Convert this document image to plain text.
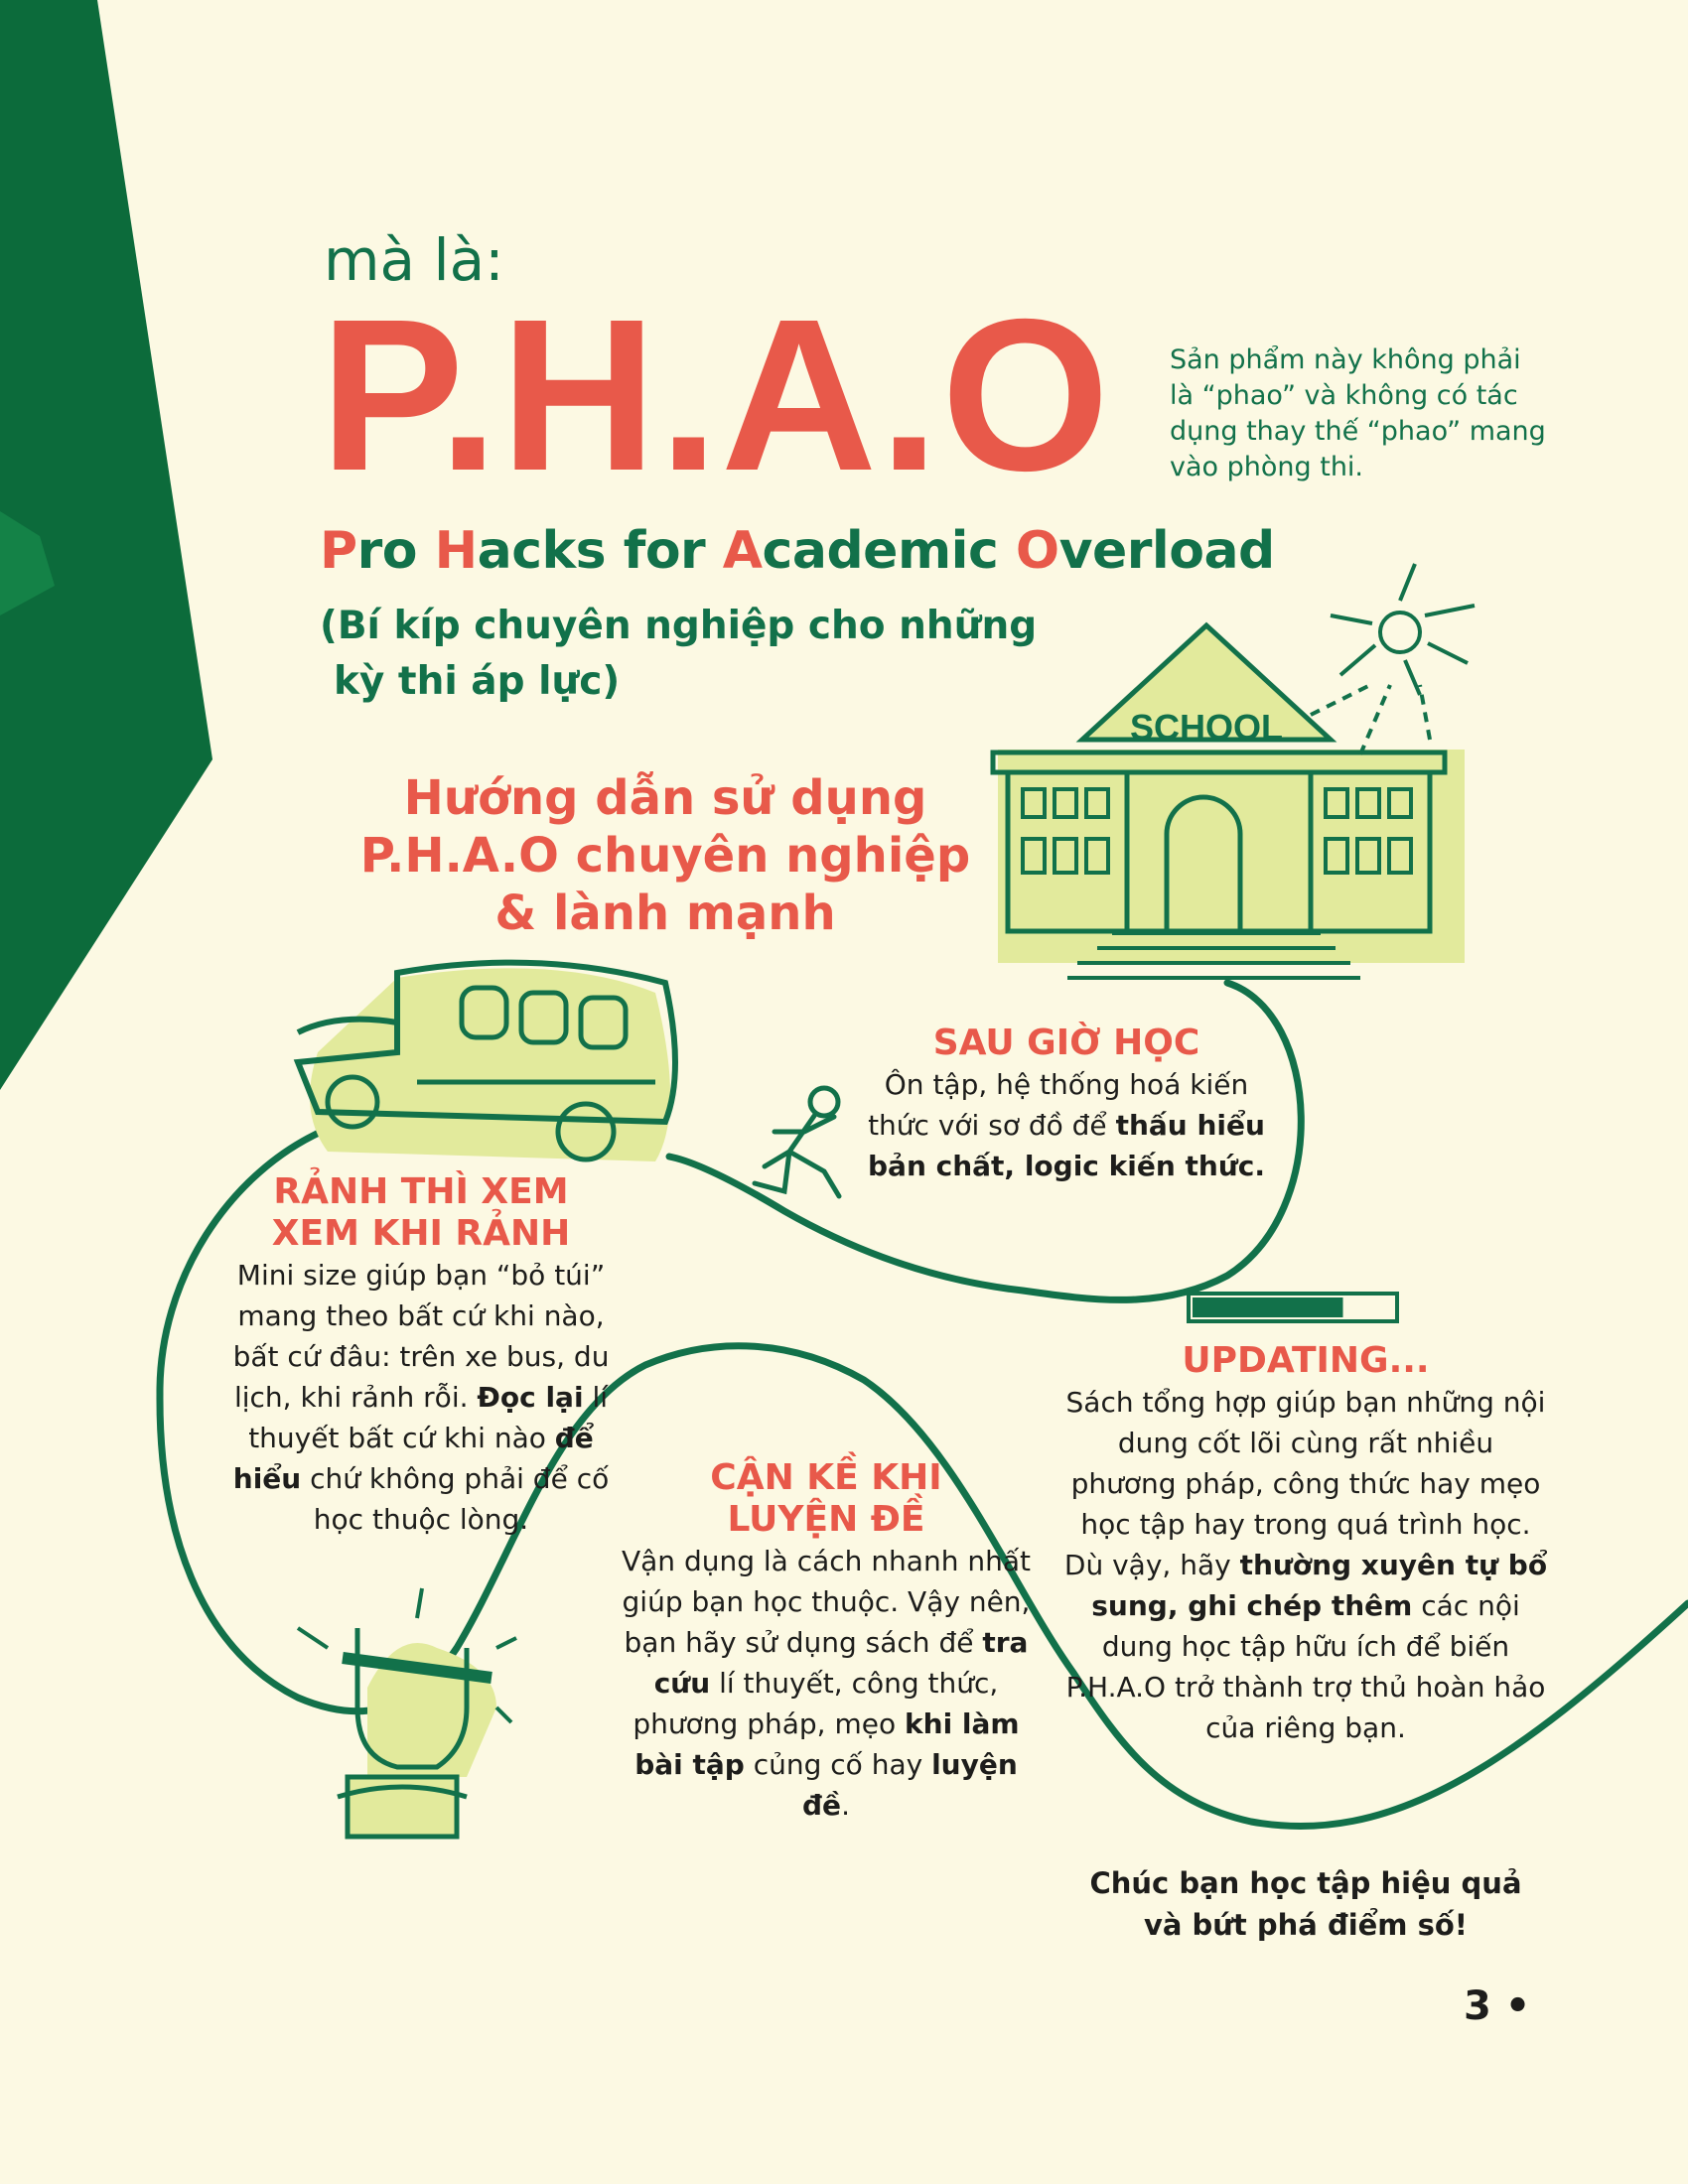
SCHOOL
mà là:
P.H.A.O Sản phẩm này không phải là “phao” và không có tác dụng thay thế “phao” mang vào phòng thi.
Pro Hacks for Academic Overload
(Bí kíp chuyên nghiệp cho những
kỳ thi áp lực)
Hướng dẫn sử dụng
P.H.A.O chuyên nghiệp
& lành mạnh
SAU GIỜ HỌC
Ôn tập, hệ thống hoá kiến thức với sơ đồ để thấu hiểu bản chất, logic kiến thức.
RẢNH THÌ XEM
XEM KHI RẢNH
Mini size giúp bạn “bỏ túi” mang theo bất cứ khi nào, bất cứ đâu: trên xe bus, du lịch, khi rảnh rỗi. Đọc lại lí thuyết bất cứ khi nào để hiểu chứ không phải để cố học thuộc lòng.
CẬN KỀ KHI
LUYỆN ĐỀ
Vận dụng là cách nhanh nhất giúp bạn học thuộc. Vậy nên, bạn hãy sử dụng sách để tra cứu lí thuyết, công thức, phương pháp, mẹo khi làm bài tập củng cố hay luyện đề.
UPDATING...
Sách tổng hợp giúp bạn những nội dung cốt lõi cùng rất nhiều phương pháp, công thức hay mẹo học tập hay trong quá trình học. Dù vậy, hãy thường xuyên tự bổ sung, ghi chép thêm các nội dung học tập hữu ích để biến P.H.A.O trở thành trợ thủ hoàn hảo của riêng bạn.
Chúc bạn học tập hiệu quả
và bứt phá điểm số!
3 •
